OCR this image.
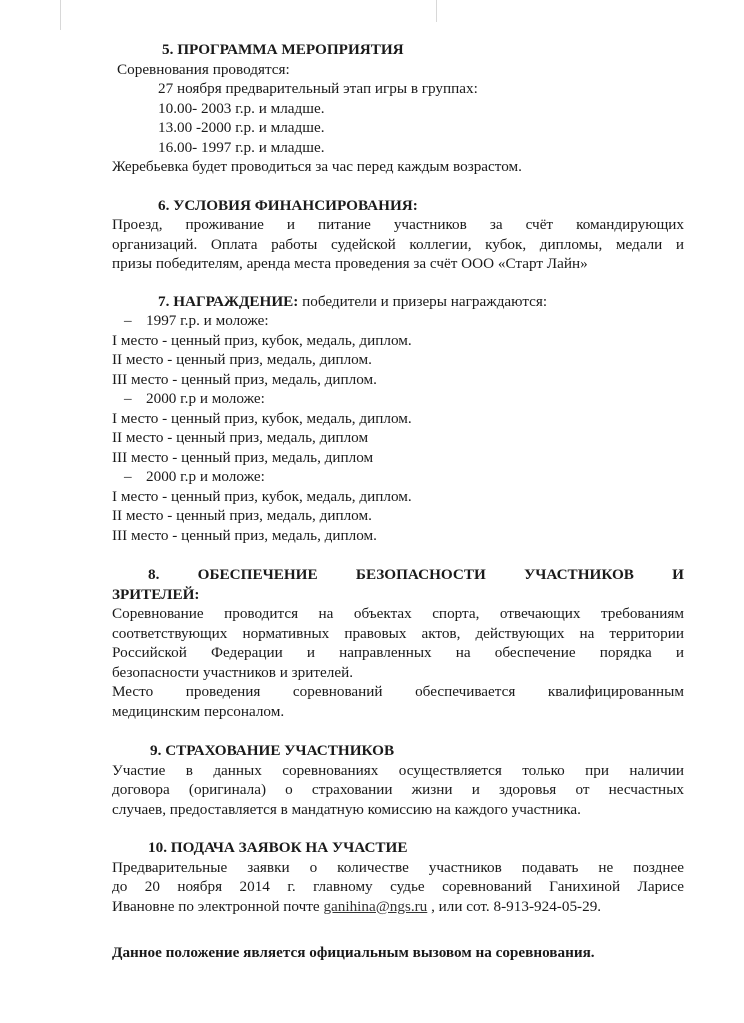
5. ПРОГРАММА МЕРОПРИЯТИЯ

Соревнования проводятся:

27 ноября предварительный этап игры в группах:

10.00- 2003 г.р. и младше.

13.00 -2000 г.р. и младше.

16.00- 1997 г.р. и младше.

Жеребьевка будет проводиться за час перед каждым возрастом.

6. УСЛОВИЯ ФИНАНСИРОВАНИЯ:

Проезд, проживание и питание участников за счёт командирующих

организаций. Оплата работы судейской коллегии, кубок, дипломы, медали и

призы победителям, аренда места проведения за счёт ООО «Старт Лайн»

7. НАГРАЖДЕНИЕ: победители и призеры награждаются:

– 1997 г.р. и моложе:

I место - ценный приз, кубок, медаль, диплом.

II место - ценный приз, медаль, диплом.

III место - ценный приз, медаль, диплом.

– 2000 г.р и моложе:

I место - ценный приз, кубок, медаль, диплом.

II место - ценный приз, медаль, диплом

III место - ценный приз, медаль, диплом

– 2000 г.р и моложе:

I место - ценный приз, кубок, медаль, диплом.

II место - ценный приз, медаль, диплом.

III место - ценный приз, медаль, диплом.

8. ОБЕСПЕЧЕНИЕ БЕЗОПАСНОСТИ УЧАСТНИКОВ И

ЗРИТЕЛЕЙ:

Соревнование проводится на объектах спорта, отвечающих требованиям

соответствующих нормативных правовых актов, действующих на территории

Российской Федерации и направленных на обеспечение порядка и

безопасности участников и зрителей.

Место проведения соревнований обеспечивается квалифицированным

медицинским персоналом.

9. СТРАХОВАНИЕ УЧАСТНИКОВ

Участие в данных соревнованиях осуществляется только при наличии

договора (оригинала) о страховании жизни и здоровья от несчастных

случаев, предоставляется в мандатную комиссию на каждого участника.

10. ПОДАЧА ЗАЯВОК НА УЧАСТИЕ

Предварительные заявки о количестве участников подавать не позднее

до 20 ноября 2014 г. главному судье соревнований Ганихиной Ларисе

Ивановне по электронной почте ganihina@ngs.ru , или сот. 8-913-924-05-29.

Данное положение является официальным вызовом на соревнования.
